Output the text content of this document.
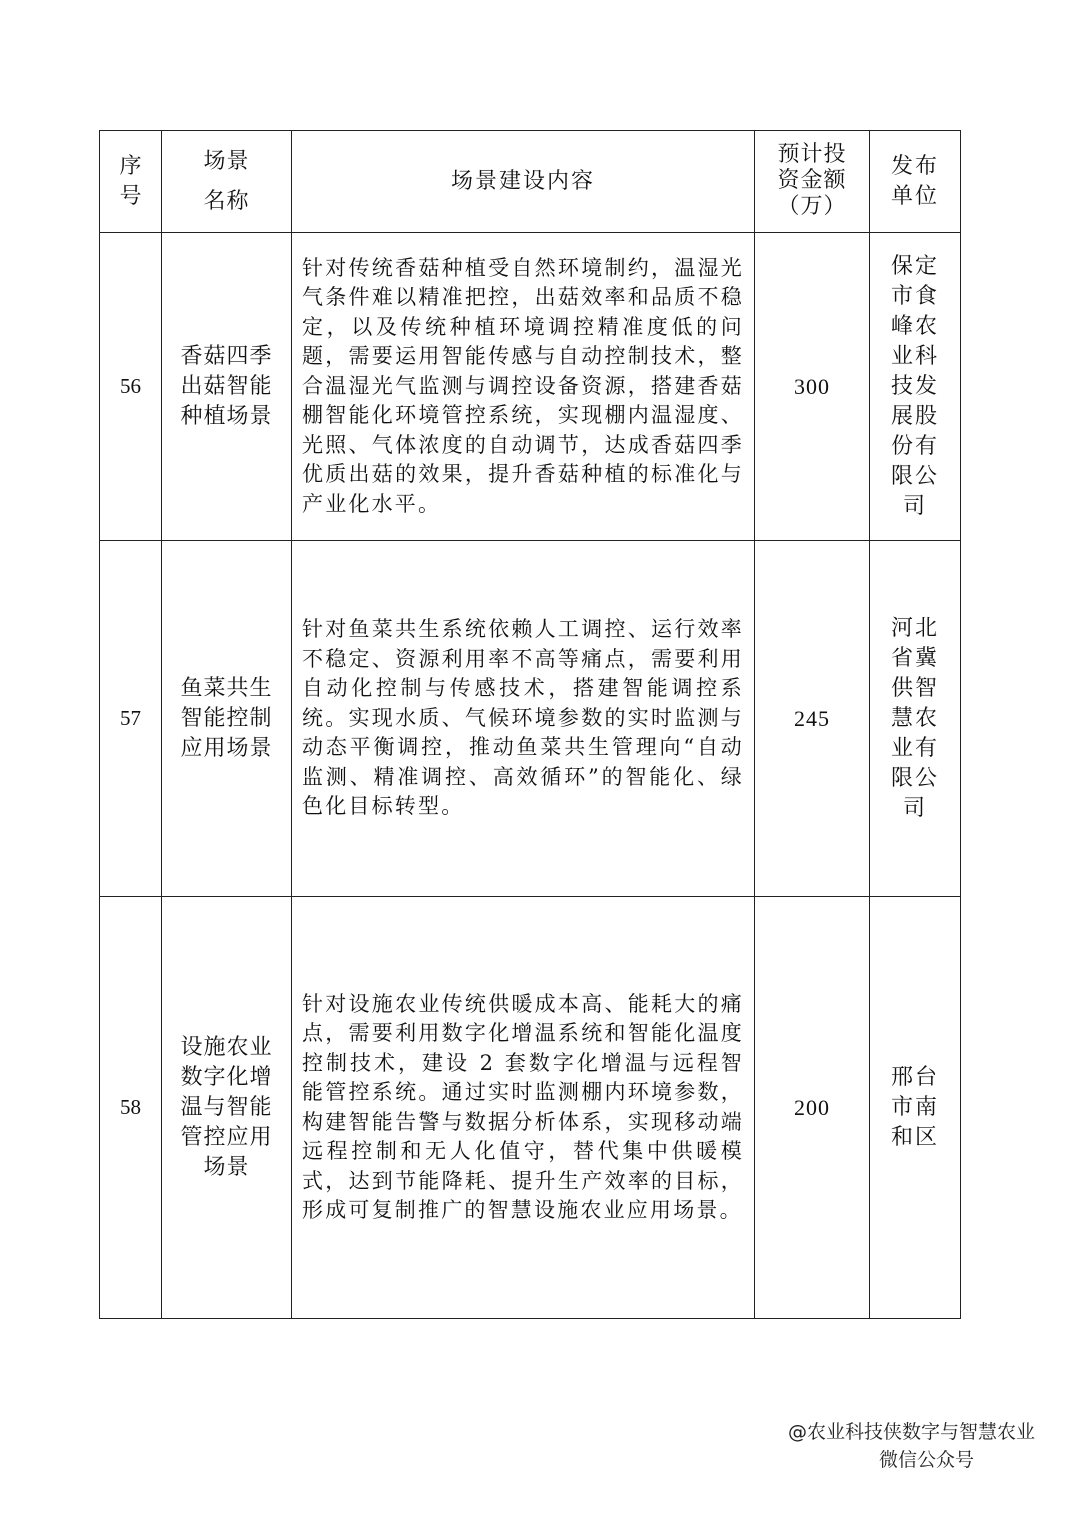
序号	场景名称	场景建设内容	预计投资金额（万）	发布单位
56	香菇四季出菇智能种植场景	针对传统香菇种植受自然环境制约，温湿光气条件难以精准把控，出菇效率和品质不稳定，以及传统种植环境调控精准度低的问题，需要运用智能传感与自动控制技术，整合温湿光气监测与调控设备资源，搭建香菇棚智能化环境管控系统，实现棚内温湿度、光照、气体浓度的自动调节，达成香菇四季优质出菇的效果，提升香菇种植的标准化与产业化水平。	300	保定市食峰农业科技发展股份有限公司
57	鱼菜共生智能控制应用场景	针对鱼菜共生系统依赖人工调控、运行效率不稳定、资源利用率不高等痛点，需要利用自动化控制与传感技术，搭建智能调控系统。实现水质、气候环境参数的实时监测与动态平衡调控，推动鱼菜共生管理向“自动监测、精准调控、高效循环”的智能化、绿色化目标转型。	245	河北省冀供智慧农业有限公司
58	设施农业数字化增温与智能管控应用场景	针对设施农业传统供暖成本高、能耗大的痛点，需要利用数字化增温系统和智能化温度控制技术，建设 2 套数字化增温与远程智能管控系统。通过实时监测棚内环境参数，构建智能告警与数据分析体系，实现移动端远程控制和无人化值守，替代集中供暖模式，达到节能降耗、提升生产效率的目标，形成可复制推广的智慧设施农业应用场景。	200	邢台市南和区
@农业科技侠数字与智慧农业
微信公众号
